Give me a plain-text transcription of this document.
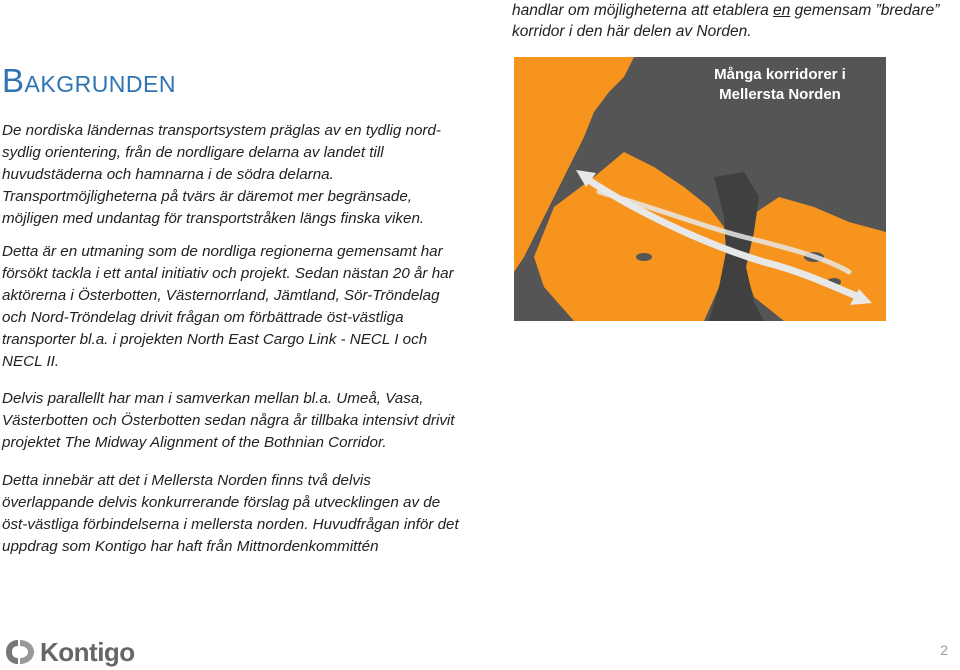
handlar om möjligheterna att etablera en gemensam ”bredare” korridor i den här delen av Norden.
BAKGRUNDEN
De nordiska ländernas transportsystem präglas av en tydlig nord-sydlig orientering, från de nordligare delarna av landet till huvudstäderna och hamnarna i de södra delarna. Transportmöjligheterna på tvärs är däremot mer begränsade, möjligen med undantag för transportstråken längs finska viken.
Detta är en utmaning som de nordliga regionerna gemensamt har försökt tackla i ett antal initiativ och projekt. Sedan nästan 20 år har aktörerna i Österbotten, Västernorrland, Jämtland, Sör-Tröndelag och Nord-Tröndelag drivit frågan om förbättrade öst-västliga transporter bl.a. i projekten North East Cargo Link - NECL I och NECL II.
Delvis parallellt har man i samverkan mellan bl.a. Umeå, Vasa, Västerbotten och Österbotten sedan några år tillbaka intensivt drivit projektet The Midway Alignment of the Bothnian Corridor.
Detta innebär att det i Mellersta Norden finns två delvis överlappande delvis konkurrerande förslag på utvecklingen av de öst-västliga förbindelserna i mellersta norden. Huvudfrågan inför det uppdrag som Kontigo har haft från Mittnordenkommittén
Många korridorer i Mellersta Norden
Kontigo	2
